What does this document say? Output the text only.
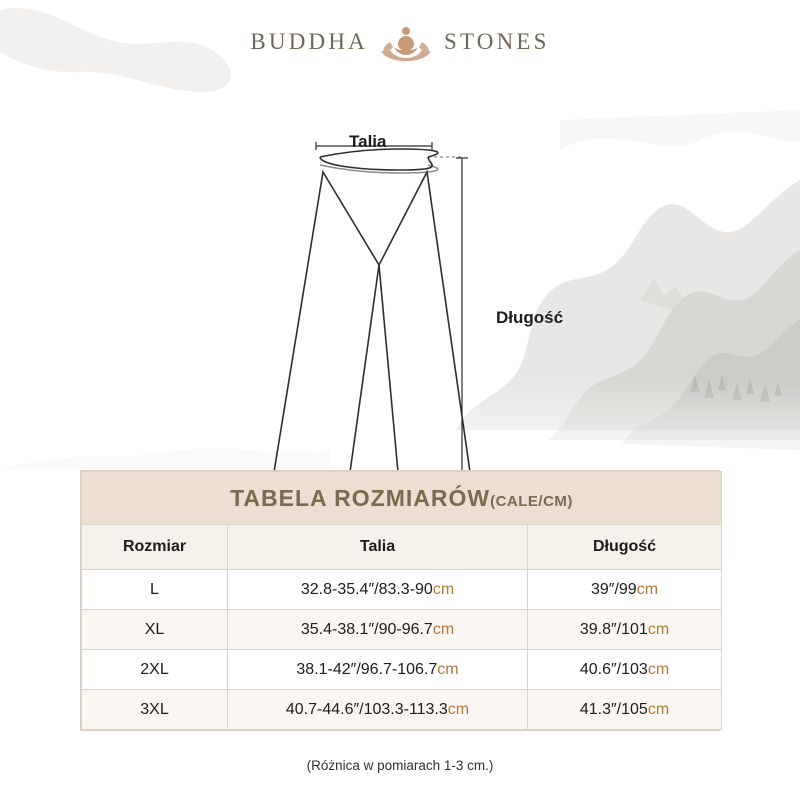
BUDDHA	STONES
Talia
Długość
TABELA ROZMIARÓW(CALE/CM)		
Rozmiar	Talia	Długość
L	32.8-35.4″/83.3-90cm	39″/99cm
XL	35.4-38.1″/90-96.7cm	39.8″/101cm
2XL	38.1-42″/96.7-106.7cm	40.6″/103cm
3XL	40.7-44.6″/103.3-113.3cm	41.3″/105cm
(Różnica w pomiarach 1-3 cm.)
